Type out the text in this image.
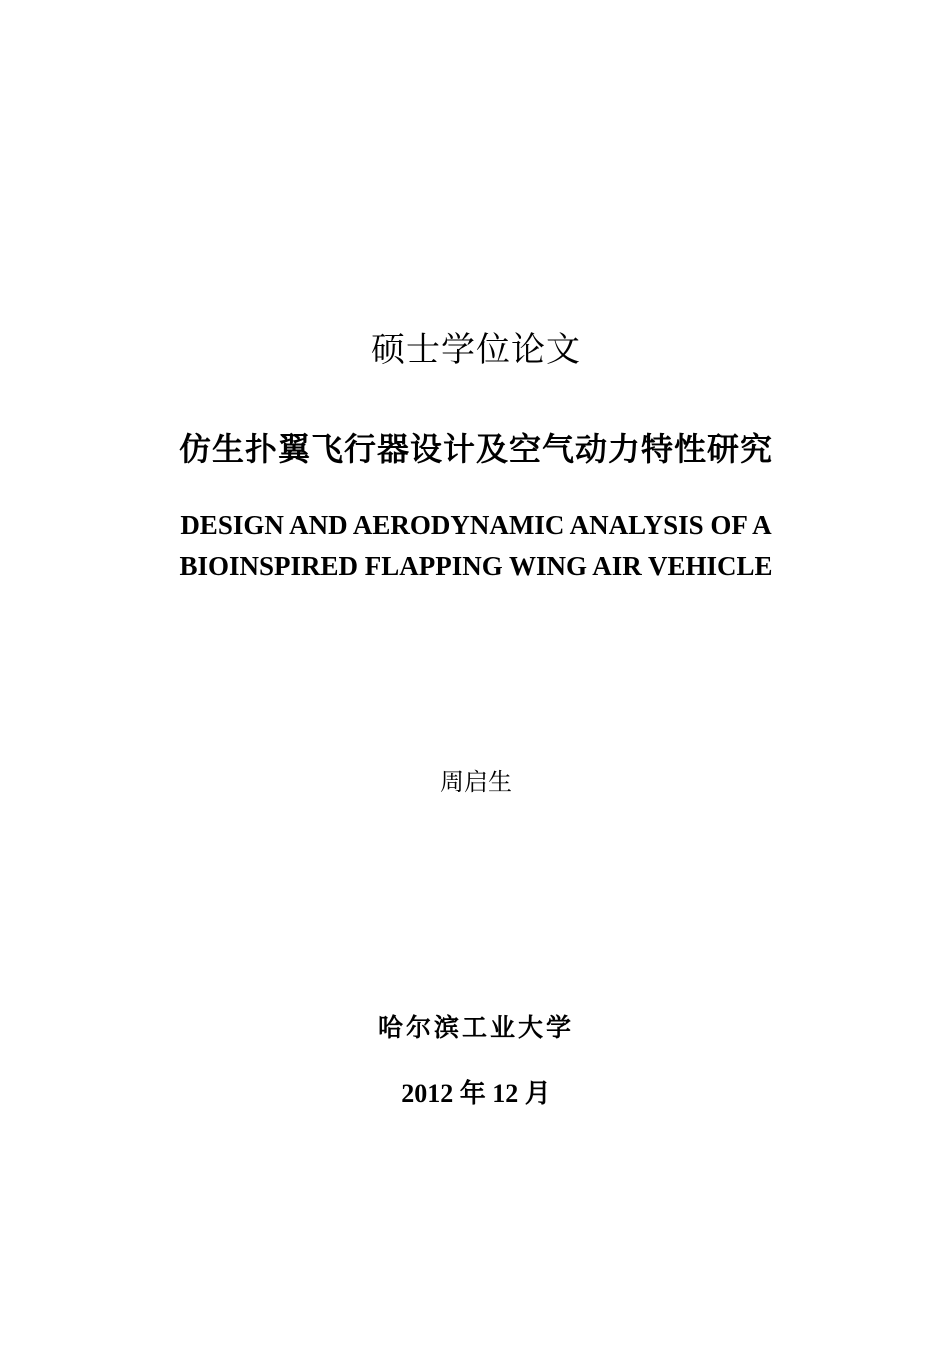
硕士学位论文
仿生扑翼飞行器设计及空气动力特性研究
DESIGN AND AERODYNAMIC ANALYSIS OF A
BIOINSPIRED FLAPPING WING AIR VEHICLE
周启生
哈尔滨工业大学
2012 年 12 月
